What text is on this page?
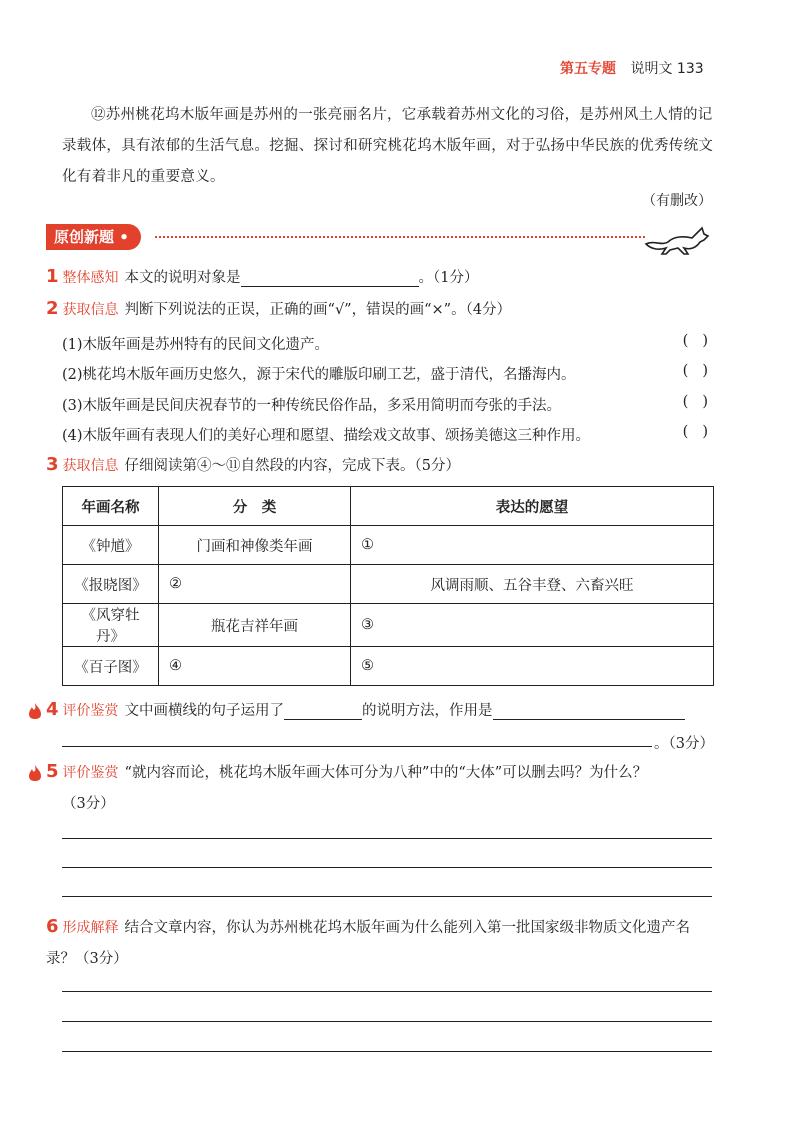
第五专题 说明文 133
⑫苏州桃花坞木版年画是苏州的一张亮丽名片，它承载着苏州文化的习俗，是苏州风土人情的记录载体，具有浓郁的生活气息。挖掘、探讨和研究桃花坞木版年画，对于弘扬中华民族的优秀传统文化有着非凡的重要意义。
（有删改）
原创新题 •
1 整体感知 本文的说明对象是	。（1分）
2 获取信息 判断下列说法的正误，正确的画“√”，错误的画“×”。（4分）
(1)木版年画是苏州特有的民间文化遗产。	()
(2)桃花坞木版年画历史悠久，源于宋代的雕版印刷工艺，盛于清代，名播海内。	()
(3)木版年画是民间庆祝春节的一种传统民俗作品，多采用简明而夸张的手法。	()
(4)木版年画有表现人们的美好心理和愿望、描绘戏文故事、颂扬美德这三种作用。	()
3 获取信息 仔细阅读第④～⑪自然段的内容，完成下表。（5分）
年画名称	分　类	表达的愿望
《钟馗》	门画和神像类年画	①
《报晓图》	②	风调雨顺、五谷丰登、六畜兴旺
《风穿牡丹》	瓶花吉祥年画	③
《百子图》	④	⑤
4 评价鉴赏 文中画横线的句子运用了	的说明方法，作用是
。（3分）
5 评价鉴赏 “就内容而论，桃花坞木版年画大体可分为八种”中的“大体”可以删去吗？为什么？
（3分）
6 形成解释 结合文章内容，你认为苏州桃花坞木版年画为什么能列入第一批国家级非物质文化遗产名录？（3分）
